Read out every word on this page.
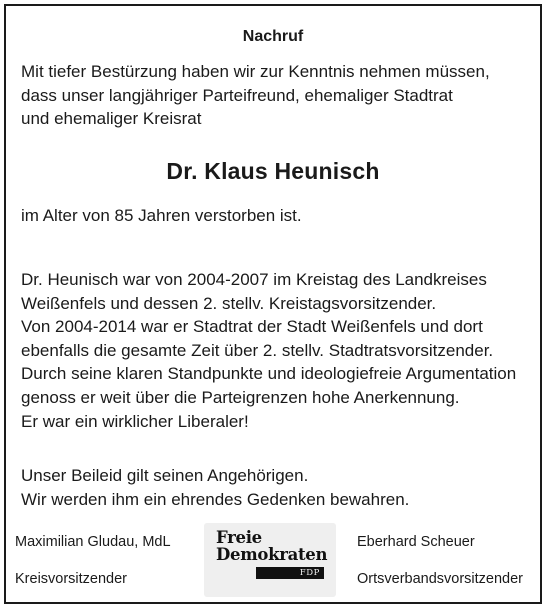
Nachruf

Mit tiefer Bestürzung haben wir zur Kenntnis nehmen müssen,
dass unser langjähriger Parteifreund, ehemaliger Stadtrat
und ehemaliger Kreisrat

Dr. Klaus Heunisch

im Alter von 85 Jahren verstorben ist.

Dr. Heunisch war von 2004-2007 im Kreistag des Landkreises
Weißenfels und dessen 2. stellv. Kreistagsvorsitzender.
Von 2004-2014 war er Stadtrat der Stadt Weißenfels und dort
ebenfalls die gesamte Zeit über 2. stellv. Stadtratsvorsitzender.
Durch seine klaren Standpunkte und ideologiefreie Argumentation
genoss er weit über die Parteigrenzen hohe Anerkennung.
Er war ein wirklicher Liberaler!

Unser Beileid gilt seinen Angehörigen.
Wir werden ihm ein ehrendes Gedenken bewahren.

Maximilian Gludau, MdL

Kreisvorsitzender

Freie

Demokraten

FDP

Eberhard Scheuer

Ortsverbandsvorsitzender
